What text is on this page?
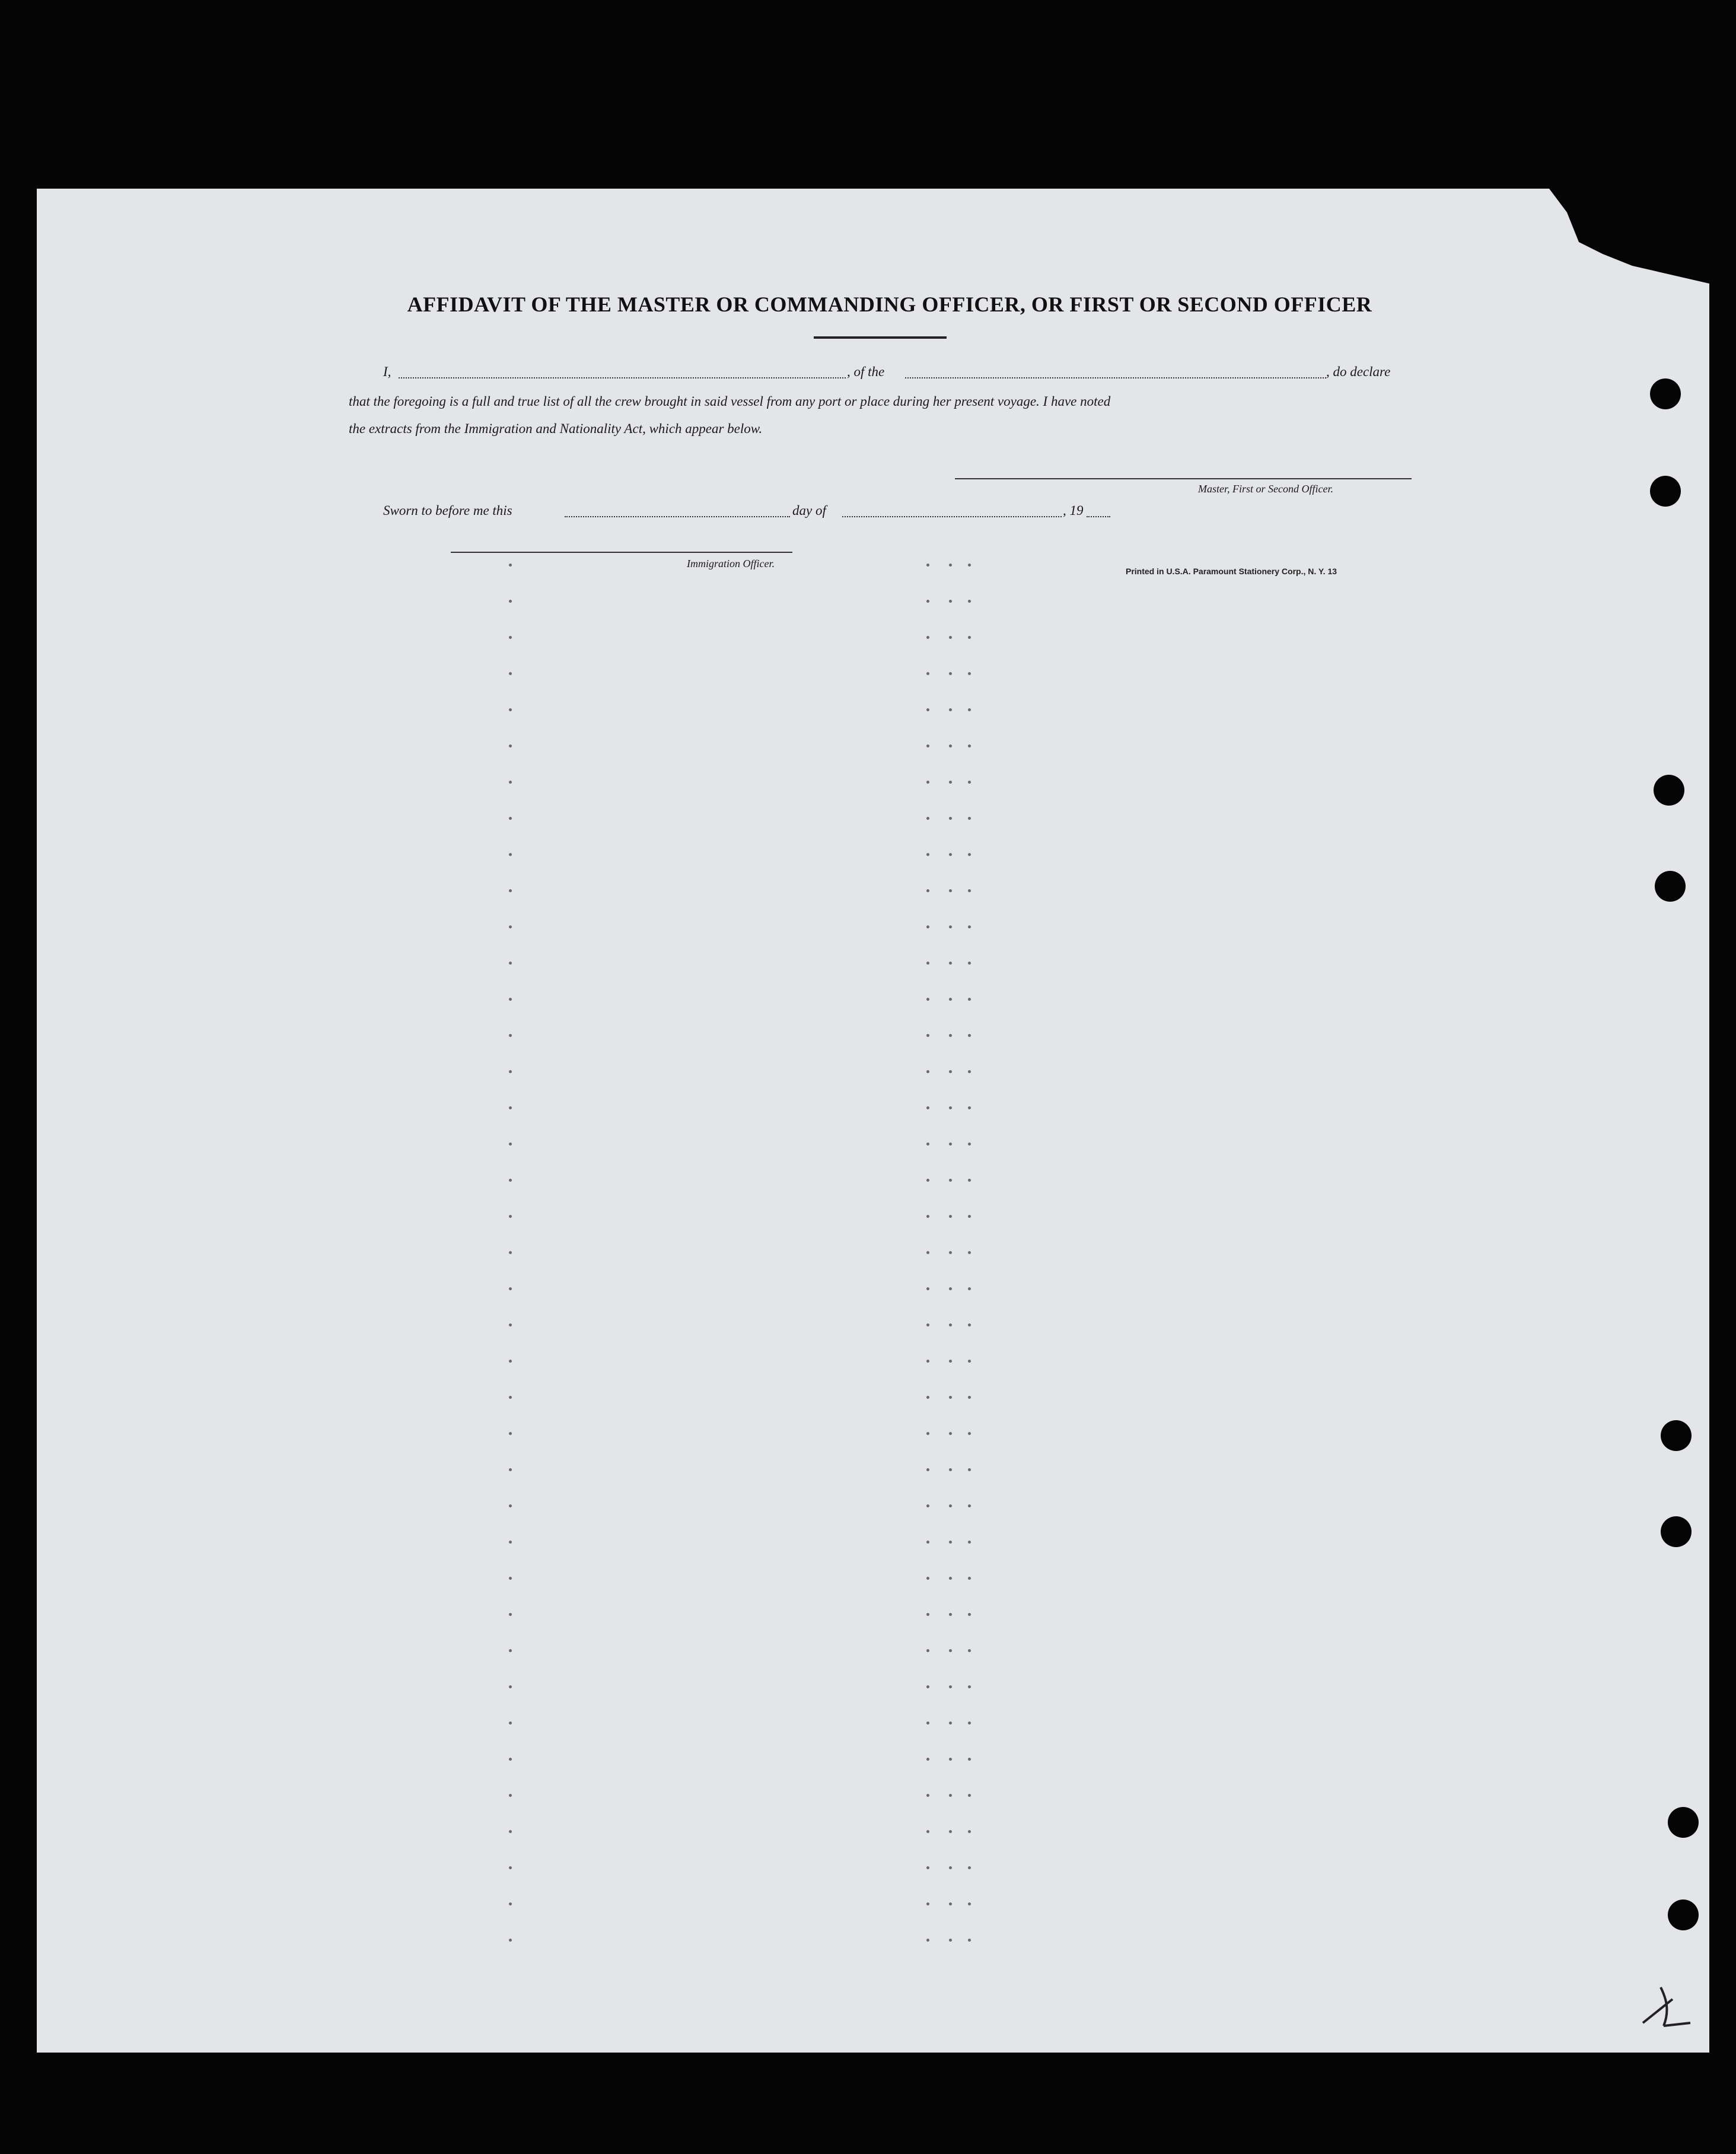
AFFIDAVIT OF THE MASTER OR COMMANDING OFFICER, OR FIRST OR SECOND OFFICER
I,	, of the	, do declare
that the foregoing is a full and true list of all the crew brought in said vessel from any port or place during her present voyage. I have noted
the extracts from the Immigration and Nationality Act, which appear below.
Master, First or Second Officer.
Sworn to before me this	day of	, 19
Immigration Officer.
Printed in U.S.A. Paramount Stationery Corp., N. Y. 13
